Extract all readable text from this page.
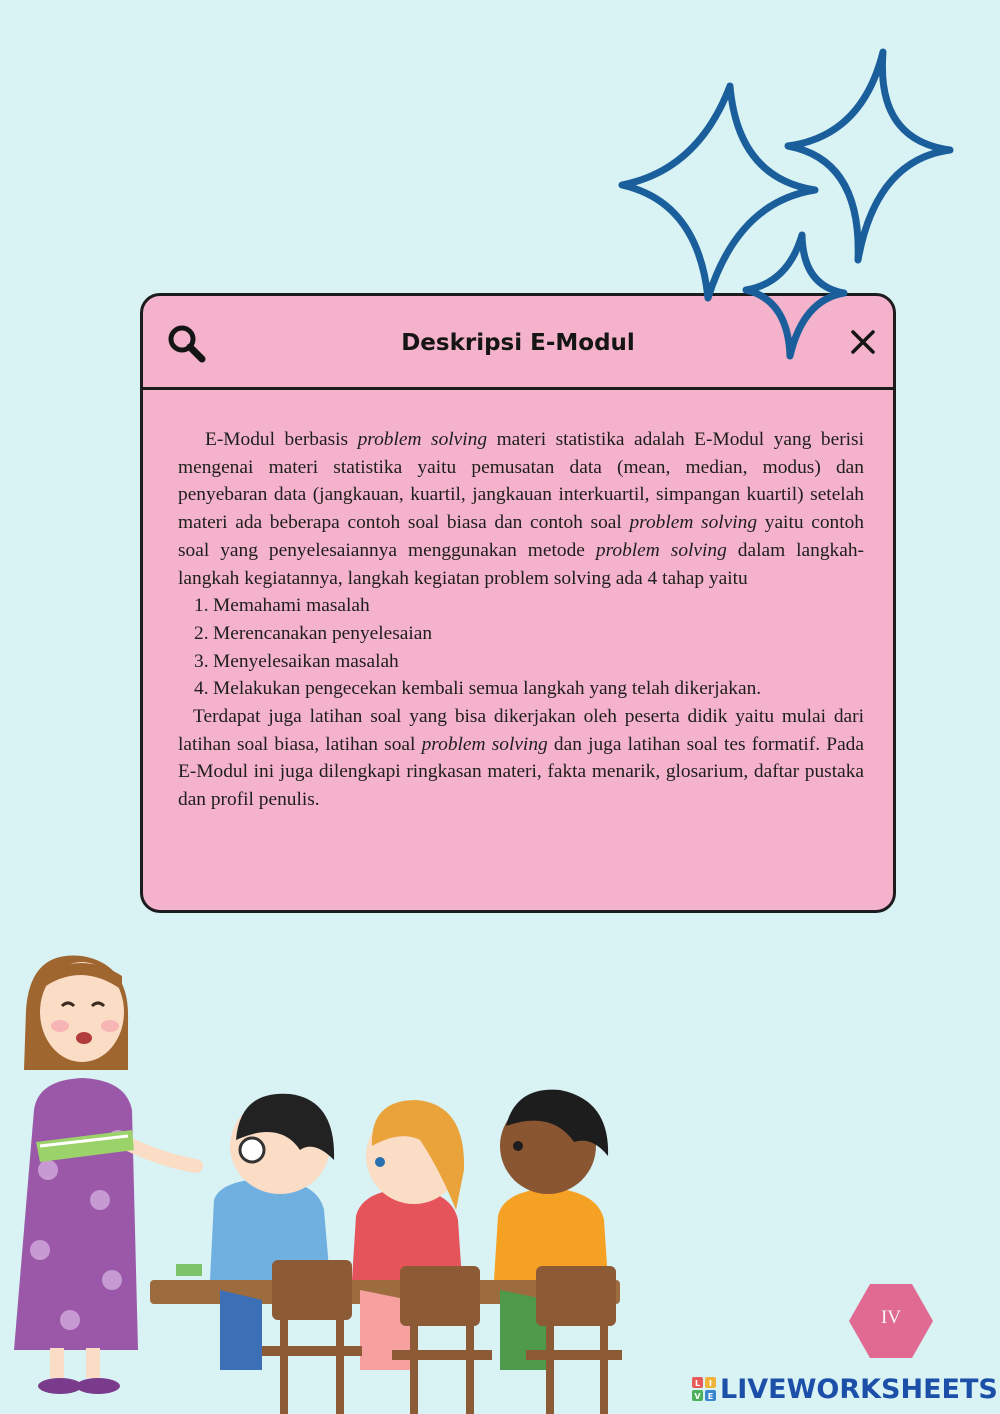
Deskripsi E-Modul

E-Modul berbasis problem solving materi statistika adalah E-Modul yang berisi mengenai materi statistika yaitu pemusatan data (mean, median, modus) dan penyebaran data (jangkauan, kuartil, jangkauan interkuartil, simpangan kuartil) setelah materi ada beberapa contoh soal biasa dan contoh soal problem solving yaitu contoh soal yang penyelesaiannya menggunakan metode problem solving dalam langkah-langkah kegiatannya, langkah kegiatan problem solving ada 4 tahap yaitu

1. Memahami masalah
2. Merencanakan penyelesaian
3. Menyelesaikan masalah
4. Melakukan pengecekan kembali semua langkah yang telah dikerjakan.

Terdapat juga latihan soal yang bisa dikerjakan oleh peserta didik yaitu mulai dari latihan soal biasa, latihan soal problem solving dan juga latihan soal tes formatif. Pada E-Modul ini juga dilengkapi ringkasan materi, fakta menarik, glosarium, daftar pustaka dan profil penulis.

IV
L I
V E LIVEWORKSHEETS
